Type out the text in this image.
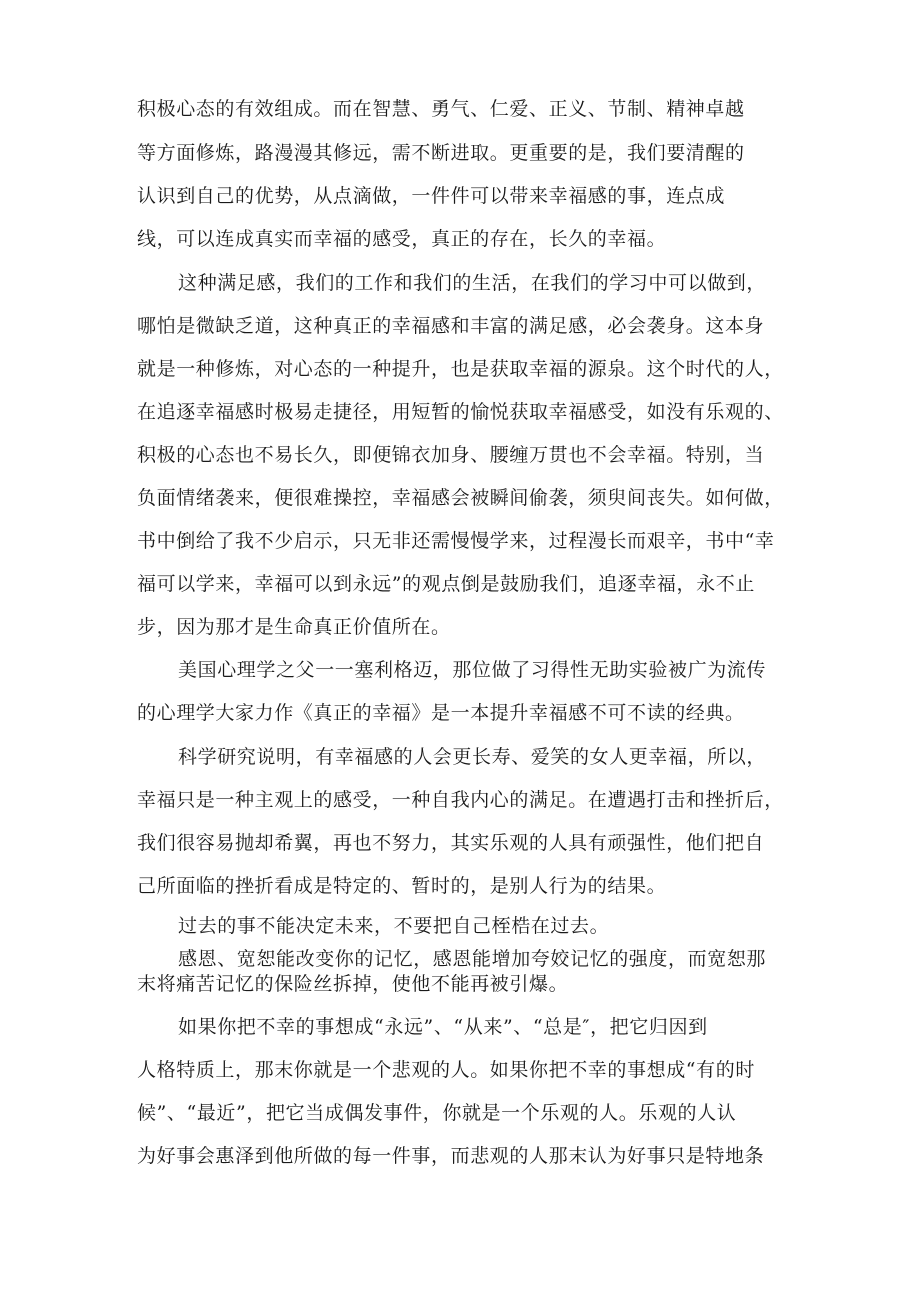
积极心态的有效组成。而在智慧、勇气、仁爱、正义、节制、精神卓越

等方面修炼，路漫漫其修远，需不断进取。更重要的是，我们要清醒的

认识到自己的优势，从点滴做，一件件可以带来幸福感的事，连点成

线，可以连成真实而幸福的感受，真正的存在，长久的幸福。

这种满足感，我们的工作和我们的生活，在我们的学习中可以做到，

哪怕是微缺乏道，这种真正的幸福感和丰富的满足感，必会袭身。这本身

就是一种修炼，对心态的一种提升，也是获取幸福的源泉。这个时代的人，

在追逐幸福感时极易走捷径，用短暂的愉悦获取幸福感受，如没有乐观的、

积极的心态也不易长久，即便锦衣加身、腰缠万贯也不会幸福。特别，当

负面情绪袭来，便很难操控，幸福感会被瞬间偷袭，须臾间丧失。如何做，

书中倒给了我不少启示，只无非还需慢慢学来，过程漫长而艰辛，书中“幸

福可以学来，幸福可以到永远”的观点倒是鼓励我们，追逐幸福，永不止

步，因为那才是生命真正价值所在。

美国心理学之父一一塞利格迈，那位做了习得性无助实验被广为流传

的心理学大家力作《真正的幸福》是一本提升幸福感不可不读的经典。

科学研究说明，有幸福感的人会更长寿、爱笑的女人更幸福，所以，

幸福只是一种主观上的感受，一种自我内心的满足。在遭遇打击和挫折后，

我们很容易抛却希翼，再也不努力，其实乐观的人具有顽强性，他们把自

己所面临的挫折看成是特定的、暂时的，是别人行为的结果。

过去的事不能决定未来，不要把自己桎梏在过去。

感恩、宽恕能改变你的记忆，感恩能增加夸姣记忆的强度，而宽恕那

末将痛苦记忆的保险丝拆掉，使他不能再被引爆。

如果你把不幸的事想成“永远”、“从来”、“总是″，把它归因到

人格特质上，那末你就是一个悲观的人。如果你把不幸的事想成“有的时

候”、“最近”，把它当成偶发事件，你就是一个乐观的人。乐观的人认

为好事会惠泽到他所做的每一件事，而悲观的人那末认为好事只是特地条
